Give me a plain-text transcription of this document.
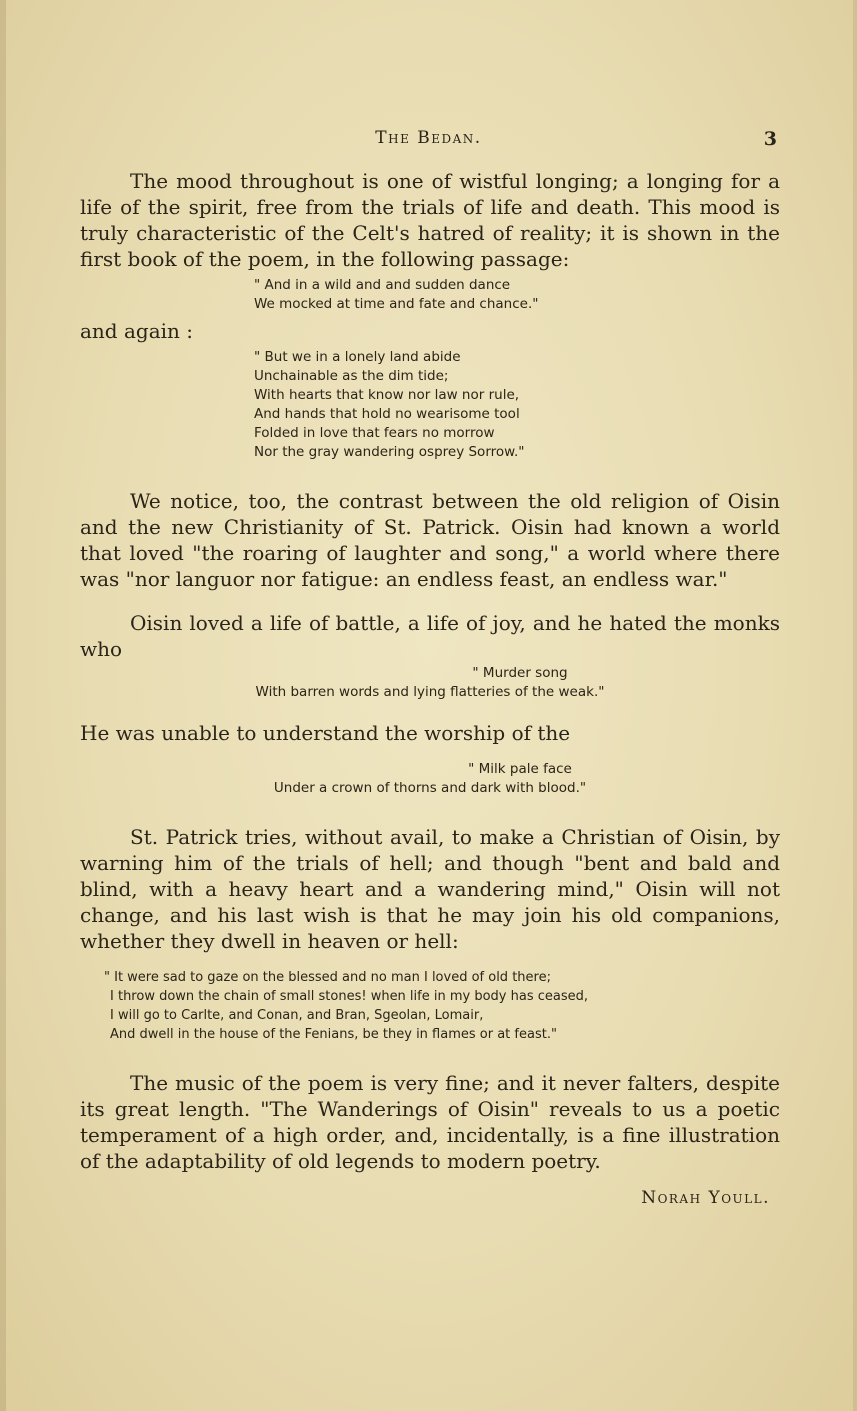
The Bedan.	3

The mood throughout is one of wistful longing; a longing for a life of the spirit, free from the trials of life and death. This mood is truly characteristic of the Celt's hatred of reality; it is shown in the first book of the poem, in the following passage:

" And in a wild and and sudden dance
We mocked at time and fate and chance."

and again :

" But we in a lonely land abide
Unchainable as the dim tide;
With hearts that know nor law nor rule,
And hands that hold no wearisome tool
Folded in love that fears no morrow
Nor the gray wandering osprey Sorrow."

We notice, too, the contrast between the old religion of Oisin and the new Christianity of St. Patrick. Oisin had known a world that loved "the roaring of laughter and song," a world where there was "nor languor nor fatigue: an endless feast, an endless war."

Oisin loved a life of battle, a life of joy, and he hated the monks who

" Murder song
With barren words and lying flatteries of the weak."

He was unable to understand the worship of the

" Milk pale face
Under a crown of thorns and dark with blood."

St. Patrick tries, without avail, to make a Christian of Oisin, by warning him of the trials of hell; and though "bent and bald and blind, with a heavy heart and a wandering mind," Oisin will not change, and his last wish is that he may join his old companions, whether they dwell in heaven or hell:

" It were sad to gaze on the blessed and no man I loved of old there;
I throw down the chain of small stones! when life in my body has ceased,
I will go to Carlte, and Conan, and Bran, Sgeolan, Lomair,
And dwell in the house of the Fenians, be they in flames or at feast."

The music of the poem is very fine; and it never falters, despite its great length. "The Wanderings of Oisin" reveals to us a poetic temperament of a high order, and, incidentally, is a fine illustration of the adaptability of old legends to modern poetry.

Norah Youll.
